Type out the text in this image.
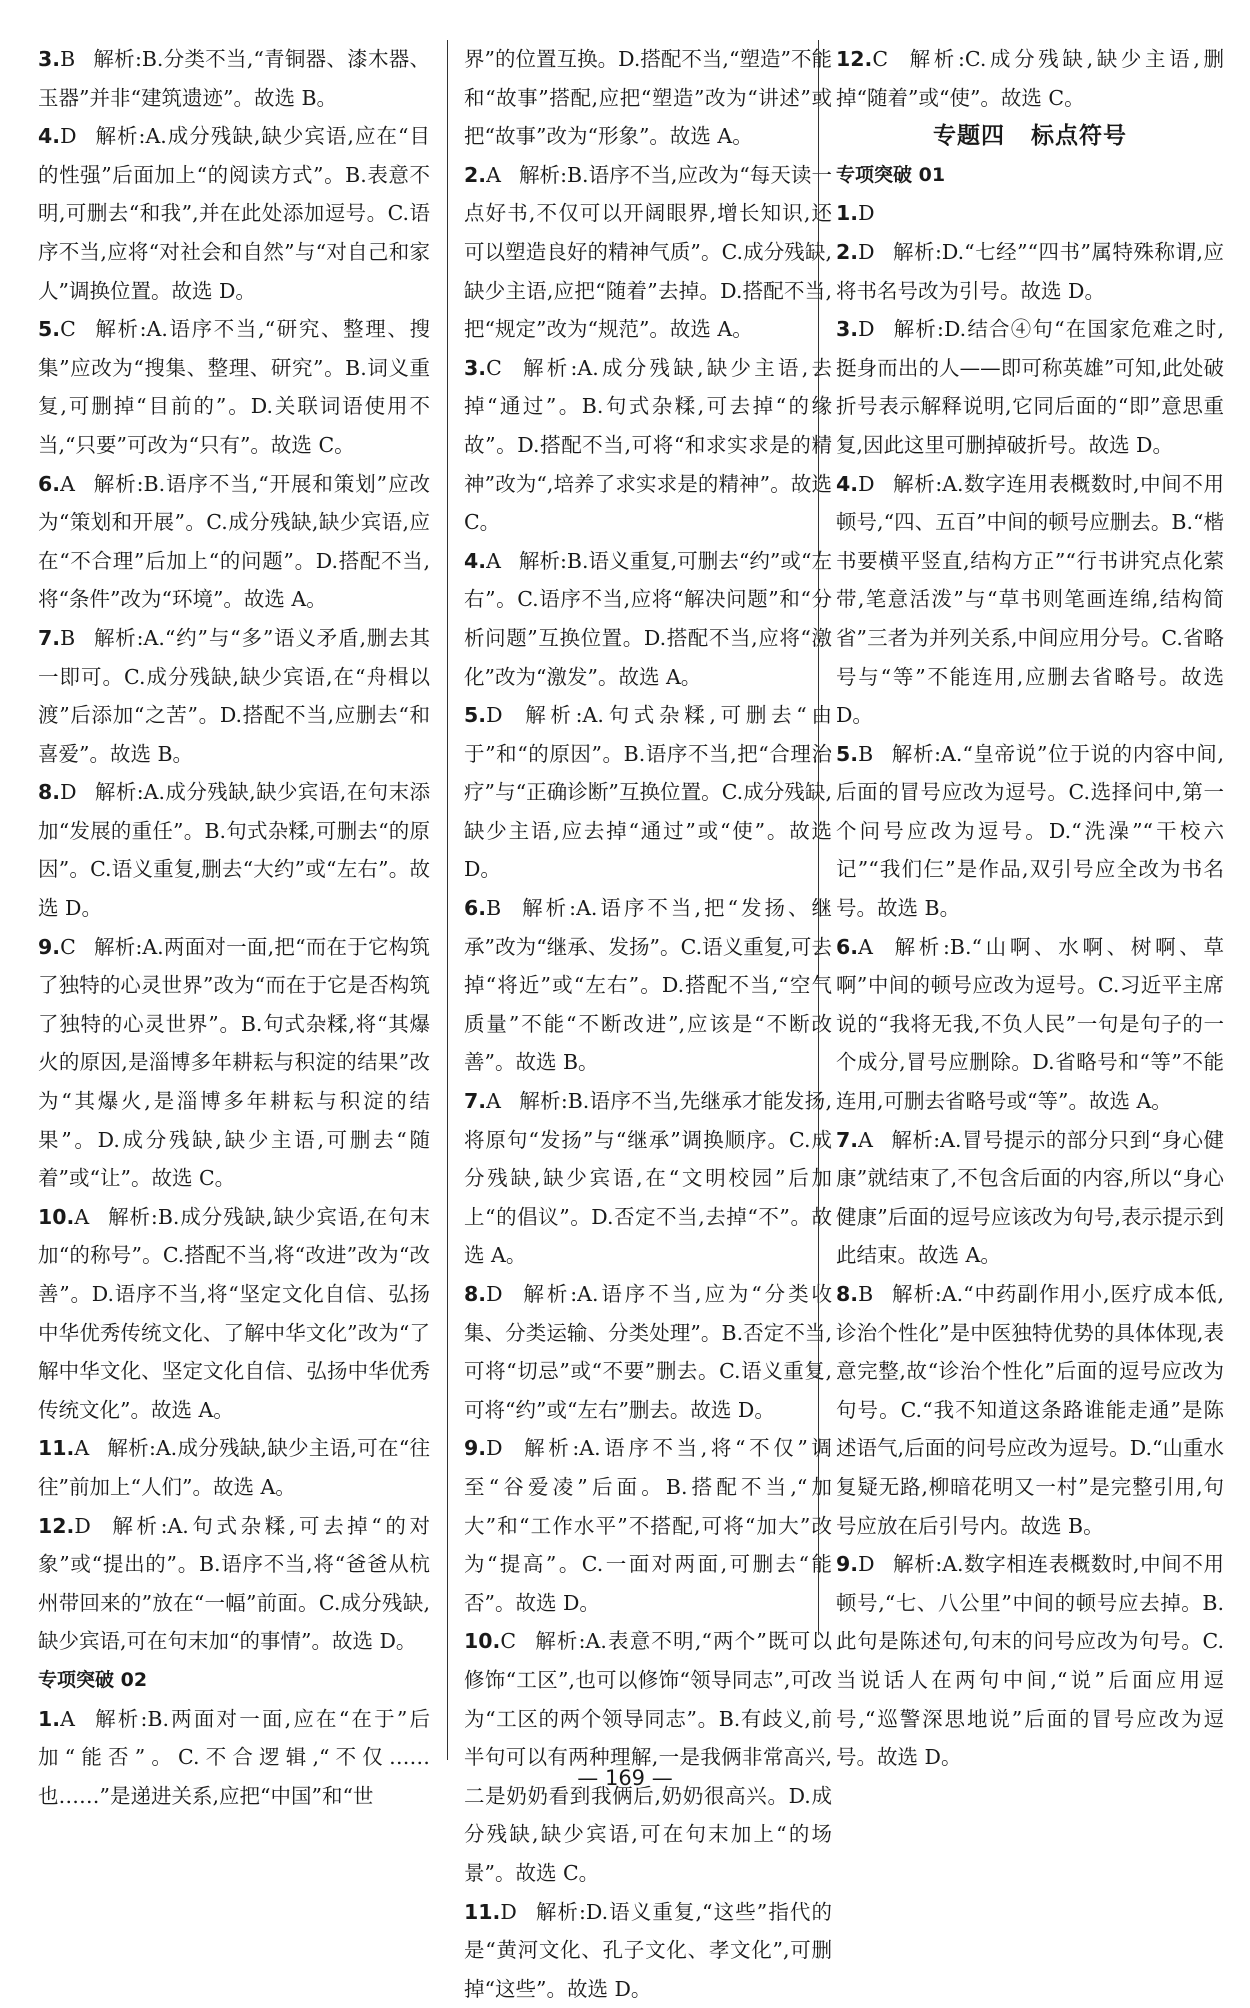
3.B 解析:B.分类不当,“青铜器、漆木器、玉器”并非“建筑遗迹”。故选 B。
4.D 解析:A.成分残缺,缺少宾语,应在“目的性强”后面加上“的阅读方式”。B.表意不明,可删去“和我”,并在此处添加逗号。C.语序不当,应将“对社会和自然”与“对自己和家人”调换位置。故选 D。
5.C 解析:A.语序不当,“研究、整理、搜集”应改为“搜集、整理、研究”。B.词义重复,可删掉“目前的”。D.关联词语使用不当,“只要”可改为“只有”。故选 C。
6.A 解析:B.语序不当,“开展和策划”应改为“策划和开展”。C.成分残缺,缺少宾语,应在“不合理”后加上“的问题”。D.搭配不当,将“条件”改为“环境”。故选 A。
7.B 解析:A.“约”与“多”语义矛盾,删去其一即可。C.成分残缺,缺少宾语,在“舟楫以渡”后添加“之苦”。D.搭配不当,应删去“和喜爱”。故选 B。
8.D 解析:A.成分残缺,缺少宾语,在句末添加“发展的重任”。B.句式杂糅,可删去“的原因”。C.语义重复,删去“大约”或“左右”。故选 D。
9.C 解析:A.两面对一面,把“而在于它构筑了独特的心灵世界”改为“而在于它是否构筑了独特的心灵世界”。B.句式杂糅,将“其爆火的原因,是淄博多年耕耘与积淀的结果”改为“其爆火,是淄博多年耕耘与积淀的结果”。D.成分残缺,缺少主语,可删去“随着”或“让”。故选 C。
10.A 解析:B.成分残缺,缺少宾语,在句末加“的称号”。C.搭配不当,将“改进”改为“改善”。D.语序不当,将“坚定文化自信、弘扬中华优秀传统文化、了解中华文化”改为“了解中华文化、坚定文化自信、弘扬中华优秀传统文化”。故选 A。
11.A 解析:A.成分残缺,缺少主语,可在“往往”前加上“人们”。故选 A。
12.D 解析:A.句式杂糅,可去掉“的对象”或“提出的”。B.语序不当,将“爸爸从杭州带回来的”放在“一幅”前面。C.成分残缺,缺少宾语,可在句末加“的事情”。故选 D。
专项突破 02
1.A 解析:B.两面对一面,应在“在于”后加“能否”。C.不合逻辑,“不仅……也……”是递进关系,应把“中国”和“世
界”的位置互换。D.搭配不当,“塑造”不能和“故事”搭配,应把“塑造”改为“讲述”或把“故事”改为“形象”。故选 A。
2.A 解析:B.语序不当,应改为“每天读一点好书,不仅可以开阔眼界,增长知识,还可以塑造良好的精神气质”。C.成分残缺,缺少主语,应把“随着”去掉。D.搭配不当,把“规定”改为“规范”。故选 A。
3.C 解析:A.成分残缺,缺少主语,去掉“通过”。B.句式杂糅,可去掉“的缘故”。D.搭配不当,可将“和求实求是的精神”改为“,培养了求实求是的精神”。故选 C。
4.A 解析:B.语义重复,可删去“约”或“左右”。C.语序不当,应将“解决问题”和“分析问题”互换位置。D.搭配不当,应将“激化”改为“激发”。故选 A。
5.D 解析:A.句式杂糅,可删去“由于”和“的原因”。B.语序不当,把“合理治疗”与“正确诊断”互换位置。C.成分残缺,缺少主语,应去掉“通过”或“使”。故选 D。
6.B 解析:A.语序不当,把“发扬、继承”改为“继承、发扬”。C.语义重复,可去掉“将近”或“左右”。D.搭配不当,“空气质量”不能“不断改进”,应该是“不断改善”。故选 B。
7.A 解析:B.语序不当,先继承才能发扬,将原句“发扬”与“继承”调换顺序。C.成分残缺,缺少宾语,在“文明校园”后加上“的倡议”。D.否定不当,去掉“不”。故选 A。
8.D 解析:A.语序不当,应为“分类收集、分类运输、分类处理”。B.否定不当,可将“切忌”或“不要”删去。C.语义重复,可将“约”或“左右”删去。故选 D。
9.D 解析:A.语序不当,将“不仅”调至“谷爱凌”后面。B.搭配不当,“加大”和“工作水平”不搭配,可将“加大”改为“提高”。C.一面对两面,可删去“能否”。故选 D。
10.C 解析:A.表意不明,“两个”既可以修饰“工区”,也可以修饰“领导同志”,可改为“工区的两个领导同志”。B.有歧义,前半句可以有两种理解,一是我俩非常高兴,二是奶奶看到我俩后,奶奶很高兴。D.成分残缺,缺少宾语,可在句末加上“的场景”。故选 C。
11.D 解析:D.语义重复,“这些”指代的是“黄河文化、孔子文化、孝文化”,可删掉“这些”。故选 D。
12.C 解析:C.成分残缺,缺少主语,删掉“随着”或“使”。故选 C。
专题四 标点符号
专项突破 01
1.D
2.D 解析:D.“七经”“四书”属特殊称谓,应将书名号改为引号。故选 D。
3.D 解析:D.结合④句“在国家危难之时,挺身而出的人——即可称英雄”可知,此处破折号表示解释说明,它同后面的“即”意思重复,因此这里可删掉破折号。故选 D。
4.D 解析:A.数字连用表概数时,中间不用顿号,“四、五百”中间的顿号应删去。B.“楷书要横平竖直,结构方正”“行书讲究点化萦带,笔意活泼”与“草书则笔画连绵,结构简省”三者为并列关系,中间应用分号。C.省略号与“等”不能连用,应删去省略号。故选 D。
5.B 解析:A.“皇帝说”位于说的内容中间,后面的冒号应改为逗号。C.选择问中,第一个问号应改为逗号。D.“洗澡”“干校六记”“我们仨”是作品,双引号应全改为书名号。故选 B。
6.A 解析:B.“山啊、水啊、树啊、草啊”中间的顿号应改为逗号。C.习近平主席说的“我将无我,不负人民”一句是句子的一个成分,冒号应删除。D.省略号和“等”不能连用,可删去省略号或“等”。故选 A。
7.A 解析:A.冒号提示的部分只到“身心健康”就结束了,不包含后面的内容,所以“身心健康”后面的逗号应该改为句号,表示提示到此结束。故选 A。
8.B 解析:A.“中药副作用小,医疗成本低,诊治个性化”是中医独特优势的具体体现,表意完整,故“诊治个性化”后面的逗号应改为句号。C.“我不知道这条路谁能走通”是陈述语气,后面的问号应改为逗号。D.“山重水复疑无路,柳暗花明又一村”是完整引用,句号应放在后引号内。故选 B。
9.D 解析:A.数字相连表概数时,中间不用顿号,“七、八公里”中间的顿号应去掉。B.此句是陈述句,句末的问号应改为句号。C.当说话人在两句中间,“说”后面应用逗号,“巡警深思地说”后面的冒号应改为逗号。故选 D。
— 169 —
